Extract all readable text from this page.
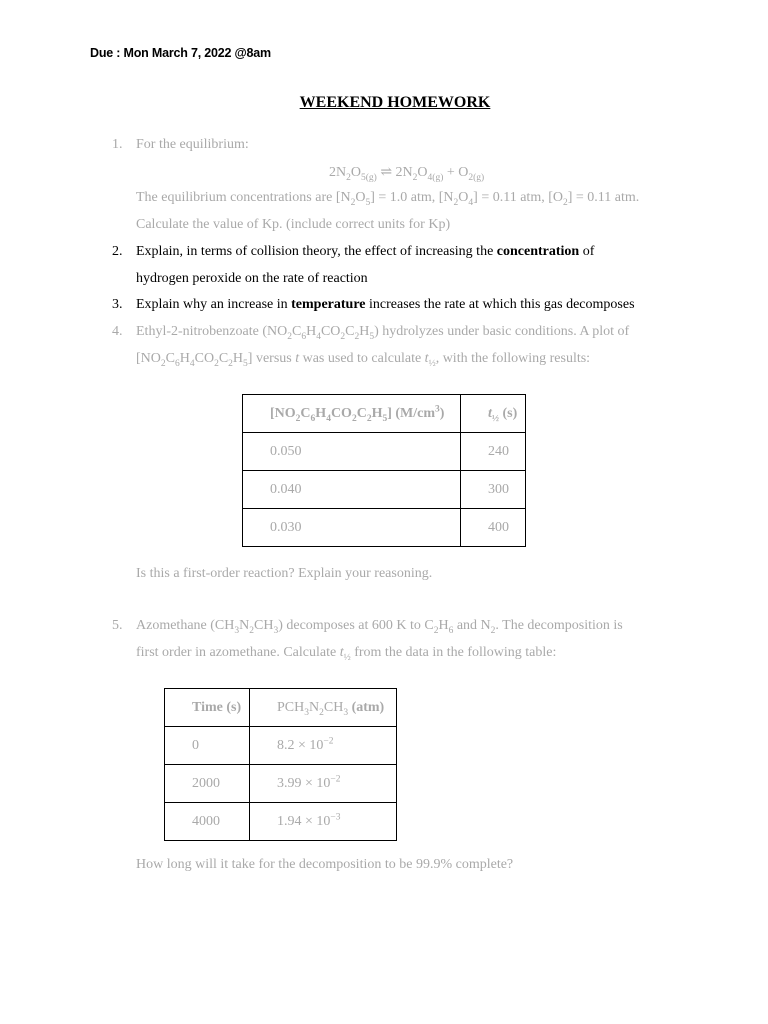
Due : Mon March 7, 2022 @8am
WEEKEND HOMEWORK
1. For the equilibrium:
$2N_2O_{5(g)}$ ⇌ $2N_2O_{4(g)} + O_{2(g)}$
The equilibrium concentrations are $[N_2O_5] = 1.0$ atm, $[N_2O_4] = 0.11$ atm, $[O_2] = 0.11$ atm.
Calculate the value of Kp. (include correct units for Kp)
2. Explain, in terms of collision theory, the effect of increasing the concentration of
hydrogen peroxide on the rate of reaction
3. Explain why an increase in temperature increases the rate at which this gas decomposes
4. Ethyl-2-nitrobenzoate $(NO_2C_6H_4CO_2C_2H_5)$ hydrolyzes under basic conditions. A plot of
$[NO_2C_6H_4CO_2C_2H_5]$ versus t was used to calculate $t_{\frac{1}{2}}$, with the following results:
$[NO_2C_6H_4CO_2C_2H_5]$ $(M/cm^3)$	$t_{\frac{1}{2}}$ (s)
0.050	240
0.040	300
0.030	400
Is this a first-order reaction? Explain your reasoning.
5. Azomethane $(CH_3N_2CH_3)$ decomposes at 600 K to $C_2H_6$ and $N_2$. The decomposition is
first order in azomethane. Calculate $t_{\frac{1}{2}}$ from the data in the following table:
Time (s)	$PCH_3N_2CH_3$ (atm)
0	$8.2 \times 10^{-2}$
2000	$3.99 \times 10^{-2}$
4000	$1.94 \times 10^{-3}$
How long will it take for the decomposition to be 99.9% complete?
